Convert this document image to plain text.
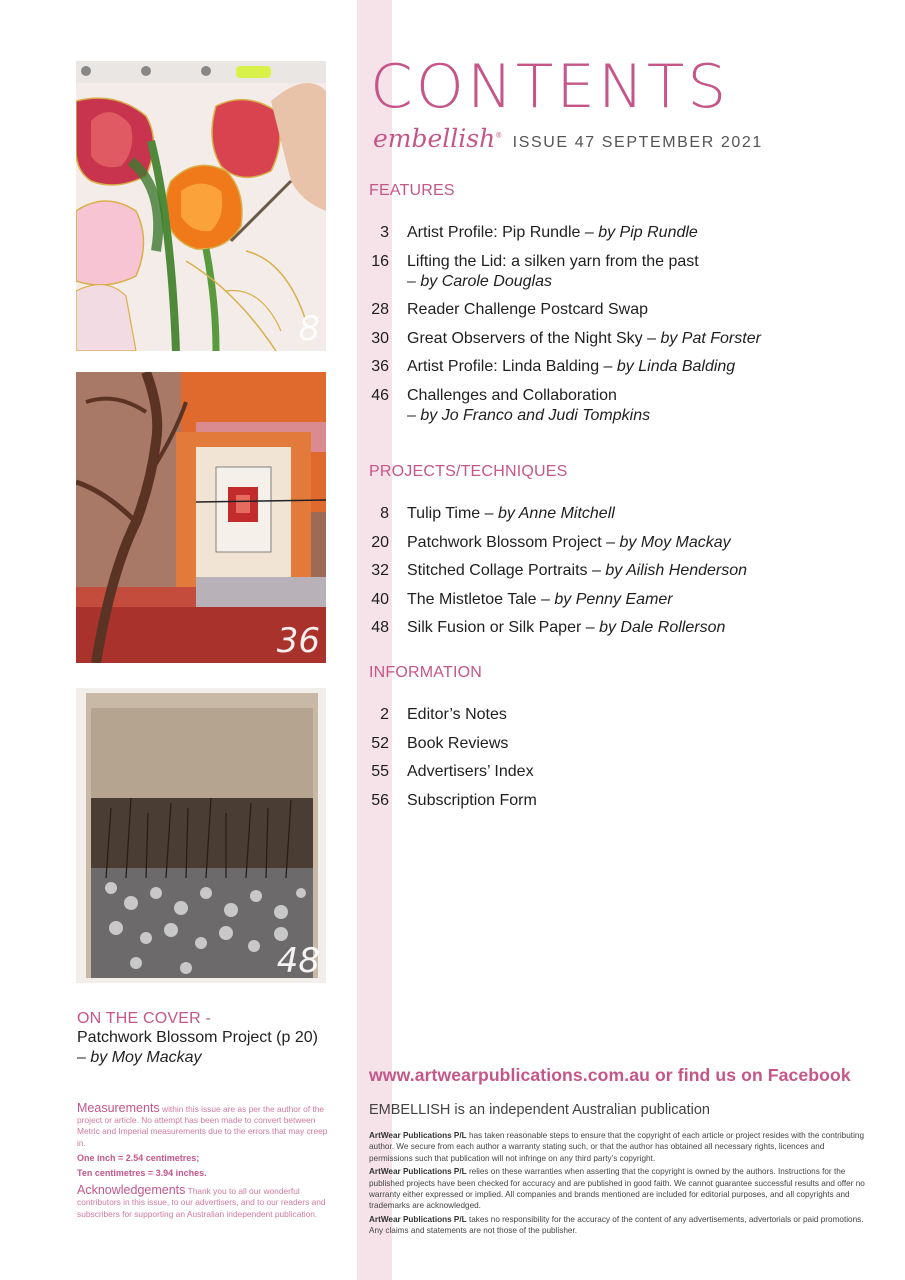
8
36
48
CONTENTS
embellish® ISSUE 47 SEPTEMBER 2021
FEATURES
3 Artist Profile: Pip Rundle – by Pip Rundle
16 Lifting the Lid: a silken yarn from the past
– by Carole Douglas
28 Reader Challenge Postcard Swap
30 Great Observers of the Night Sky – by Pat Forster
36 Artist Profile: Linda Balding – by Linda Balding
46 Challenges and Collaboration
– by Jo Franco and Judi Tompkins
PROJECTS/TECHNIQUES
8 Tulip Time – by Anne Mitchell
20 Patchwork Blossom Project – by Moy Mackay
32 Stitched Collage Portraits – by Ailish Henderson
40 The Mistletoe Tale – by Penny Eamer
48 Silk Fusion or Silk Paper – by Dale Rollerson
INFORMATION
2 Editor’s Notes
52 Book Reviews
55 Advertisers’ Index
56 Subscription Form
ON THE COVER -
Patchwork Blossom Project (p 20)
– by Moy Mackay

Measurements within this issue are as per the author of the project or article. No attempt has been made to convert between Metric and Imperial measurements due to the errors that may creep in.

One inch = 2.54 centimetres;
Ten centimetres = 3.94 inches.

Acknowledgements Thank you to all our wonderful contributors in this issue, to our advertisers, and to our readers and subscribers for supporting an Australian independent publication.

www.artwearpublications.com.au or find us on Facebook
EMBELLISH is an independent Australian publication

ArtWear Publications P/L has taken reasonable steps to ensure that the copyright of each article or project resides with the contributing author. We secure from each author a warranty stating such, or that the author has obtained all necessary rights, licences and permissions such that publication will not infringe on any third party’s copyright.

ArtWear Publications P/L relies on these warranties when asserting that the copyright is owned by the authors. Instructions for the published projects have been checked for accuracy and are published in good faith. We cannot guarantee successful results and offer no warranty either expressed or implied. All companies and brands mentioned are included for editorial purposes, and all copyrights and trademarks are acknowledged.

ArtWear Publications P/L takes no responsibility for the accuracy of the content of any advertisements, advertorials or paid promotions. Any claims and statements are not those of the publisher.
